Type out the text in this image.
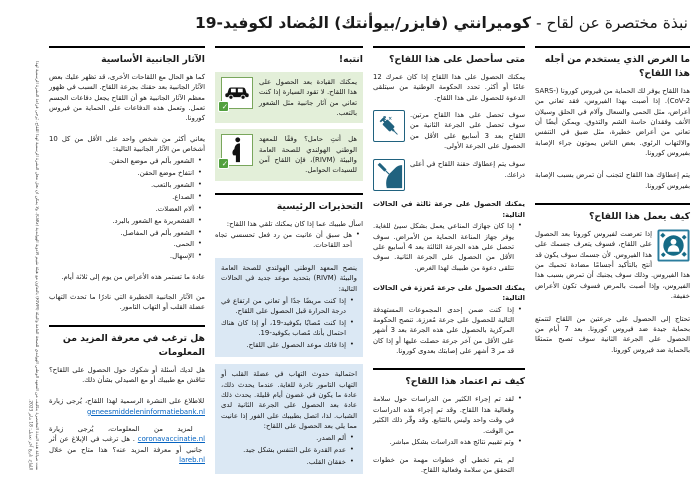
نبذة مختصرة عن لقاح - كوميرانتي (فايزر/بيوأنتك) المُضاد لكوفيد-19
ما الغرض الذي يستخدم من أجله هذا اللقاح؟

هذا اللقاح يوفر لك الحماية من فيروس كورونا (SARS-CoV-2). إذا أصبت بهذا الفيروس، فقد تعاني من أعراض، مثل الحمى والسعال وآلام في الحلق وسيلان الأنف وفقدان حاسة الشم والتذوق. ويمكن أيضًا أن تعاني من أعراض خطيرة، مثل ضيق في التنفس والالتهاب الرئوي. بعض الناس يموتون جراء الإصابة بفيروس كورونا.

يتم إعطاؤك هذا اللقاح لتجنب أن تمرض بسبب الإصابة بفيروس كورونا.

كيف يعمل هذا اللقاح؟

إذا تعرضت لفيروس كورونا بعد الحصول على اللقاح، فسوف يتعرف جسمك على هذا الفيروس. لأن جسمك سوف يكون قد أنتج بالتأكيد أجسامًا مضادة تحميك من هذا الفيروس. وذلك سوف يجنبك أن تمرض بسبب هذا الفيروس، وإذا أصبت بالمرض فسوف تكون الأعراض خفيفة.

تحتاج إلى الحصول على جرعتين من اللقاح لتتمتع بحماية جيدة ضد فيروس كورونا. بعد 7 أيام من الحصول على الجرعة الثانية سوف تصبح متمتعًا بالحماية ضد فيروس كورونا.

متى سأحصل على هذا اللقاح؟

يمكنك الحصول على هذا اللقاح إذا كان عمرك 12 عامًا أو أكثر. تحدد الحكومة الوطنية من سيتلقى الدعوة للحصول على هذا اللقاح.

سوف تحصل على هذا اللقاح مرتين. سوف تحصل على الجرعة الثانية من اللقاح بعد 3 أسابيع على الأقل من الحصول على الجرعة الأولى.
× 2
سوف يتم إعطاؤك حقنة اللقاح في أعلى ذراعك.

يمكنك الحصول على جرعة ثالثة في الحالات التالية:

• إذا كان جهازك المناعي يعمل بشكل سيئ للغاية. يوفر جهاز المناعة الحماية من الأمراض. سوف تحصل على هذه الجرعة الثالثة بعد 4 أسابيع على الأقل من الحصول على الجرعة الثانية. سوف تتلقى دعوة من طبيبك لهذا الغرض.

يمكنك الحصول على جرعة مُعززة في الحالات التالية:

• إذا كنت ضمن إحدى المجموعات المستهدفة التالية للحصول على جرعة مُعززة. تنصح الحكومة المركزية بالحصول على هذه الجرعة بعد 3 أشهر على الأقل من آخر جرعة حصلت عليها أو إذا كان قد مر 3 أشهر على إصابتك بعدوى كورونا.
كيف تم اعتماد هذا اللقاح؟
• لقد تم إجراء الكثير من الدراسات حول سلامة وفعالية هذا اللقاح. وقد تم إجراء هذه الدراسات في وقت واحد وليس بالتتابع. وقد وفّر ذلك الكثير من الوقت.
• وتم تقييم نتائج هذه الدراسات بشكل مباشر.

لم يتم تخطي أي خطوات مهمة من خطوات التحقق من سلامة وفعالية اللقاح.

انتبه!
يمكنك القيادة بعد الحصول على هذا اللقاح. لا تقود السيارة إذا كنت تعاني من آثار جانبية مثل الشعور بالتعب.
✓
هل أنتِ حامل؟ وفقًا للمعهد الوطني الهولندي للصحة العامة والبيئة (RIVM)، فإن اللقاح آمن للسيدات الحوامل.
✓
التحذيرات الرئيسية

اسأل طبيبك عما إذا كان يمكنك تلقي هذا اللقاح:

• هل سبق أن عانيت من رد فعل تحسسي تجاه أحد اللقاحات.

ينصح المعهد الوطني الهولندي للصحة العامة والبيئة (RIVM) بتحديد موعد جديد في الحالات التالية:

• إذا كنت مريضًا جدًا أو تعاني من ارتفاع في درجة الحرارة قبل الحصول على اللقاح.
• إذا كنت مُصابًا بكوفيد-19، أو إذا كان هناك احتمال بأنك مُصاب بكوفيد-19.
• إذا فاتك موعد الحصول على اللقاح.

احتمالية حدوث التهاب في عضلة القلب أو التهاب التامور نادرة للغاية. عندما يحدث ذلك، عادة ما يكون في غضون أيام قليلة. يحدث ذلك عادة بعد الحصول على الجرعة الثانية لدى الشباب. لذا، اتصل بطبيبك على الفور إذا عانيت مما يلي بعد الحصول على اللقاح:

• ألم الصدر.
• عدم القدرة على التنفس بشكل جيد.
• خفقان القلب.
الآثار الجانبية الأساسية

كما هو الحال مع اللقاحات الأخرى، قد تظهر عليك بعض الآثار الجانبية بعد حقنك بجرعة اللقاح. السبب في ظهور معظم الآثار الجانبية هو أن اللقاح يجعل دفاعات الجسم تعمل. وتعمل هذه الدفاعات على الحماية من فيروس كورونا.

يعاني أكثر من شخص واحد على الأقل من كل 10 أشخاص من الآثار الجانبية التالية:

• الشعور بألم في موضع الحقن.
• انتفاخ موضع الحقن.
• الشعور بالتعب.
• الصداع.
• آلام العضلات.
• القشعريرة مع الشعور بالبرد.
• الشعور بألم في المفاصل.
• الحمى.
• الإسهال.

عادة ما تستمر هذه الأعراض من يوم إلى ثلاثة أيام.

من الآثار الجانبية الخطيرة التي نادرًا ما تحدث التهاب عضلة القلب أو التهاب التامور.

هل ترغب في معرفة المزيد من المعلومات

هل لديك أسئلة أو شكوك حول الحصول على اللقاح؟ تناقش مع طبيبك أو مع الصيدلي بشأن ذلك.

للاطلاع على النشرة الرسمية لهذا اللقاح، يُرجى زيارة geneesmiddeleninformatiebank.nl

لمزيد من المعلومات، يُرجى زيارة coronavaccinatie.nl . هل ترغب في الإبلاغ عن أثر جانبي أو معرفة المزيد عنه؟ هذا متاح من خلال lareb.nl

تمت صياغة هذه النبذة المختصرة بتكليف من المعهد الوطني الهولندي للصحة العامة والبيئة (RIVM) بالتعاون مع هيئة تقييم الأدوية الهولندية (CBG)، ولا يمكن أن تحل محل النشرة الرسمية لهذا اللقاح. يُرجى قراءة النشرة الرسمية لهذا اللقاح. تاريخ آخر تعديل: 18 يناير 2023.
